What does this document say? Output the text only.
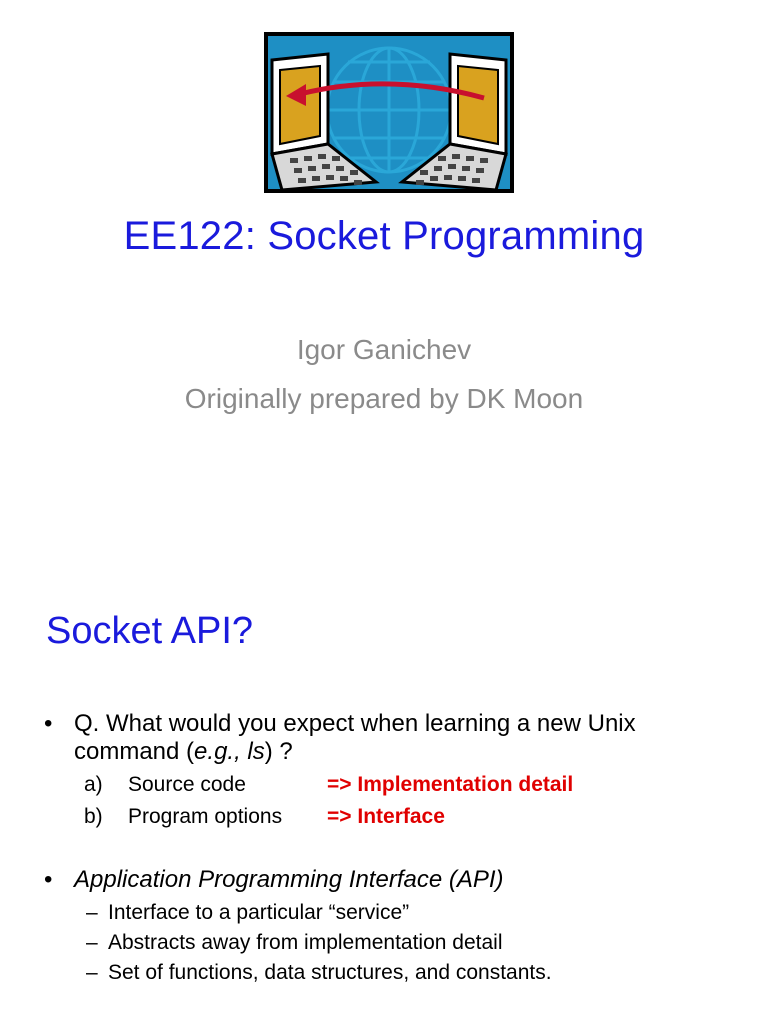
EE122: Socket Programming
Igor Ganichev
Originally prepared by DK Moon
Socket API?
• Q. What would you expect when learning a new Unix
command (e.g., ls) ?
a) Source code	=> Implementation detail
b) Program options => Interface
• Application Programming Interface (API)
– Interface to a particular “service”
– Abstracts away from implementation detail
– Set of functions, data structures, and constants.
